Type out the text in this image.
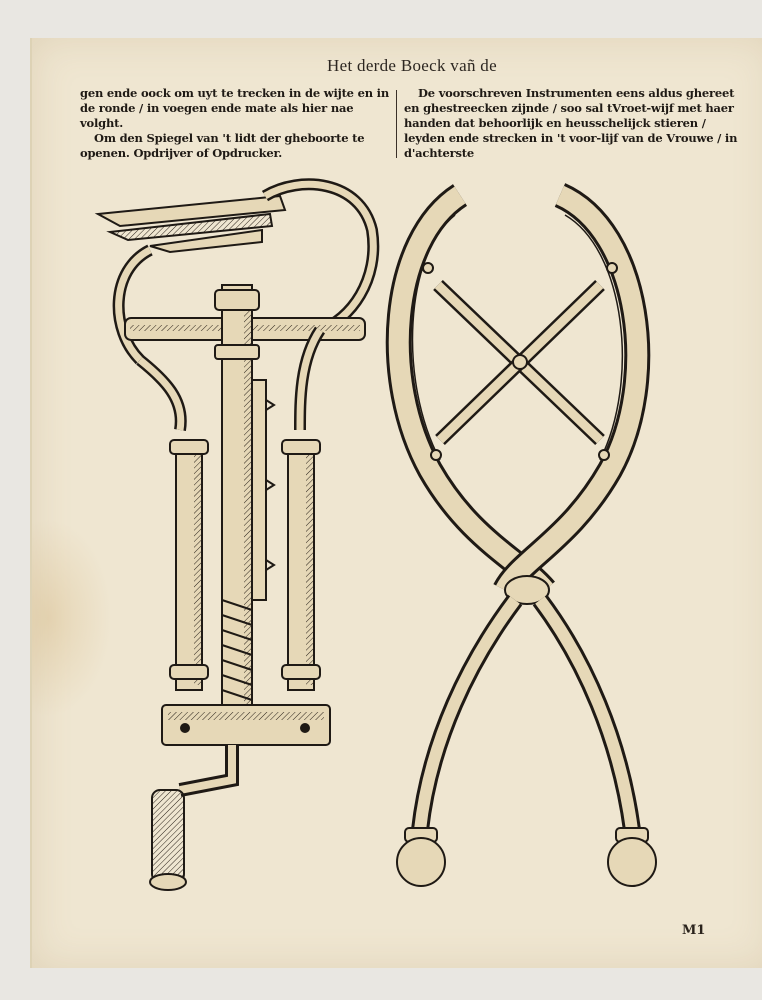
Het derde Boeck vañ de

gen ende oock om uyt te trecken in de wijte en in de ronde / in voegen ende mate als hier nae volght.

Om den Spiegel van 't lidt der gheboorte te openen. Opdrijver of Opdrucker.

De voorschreven Instrumenten eens aldus ghereet en ghestreecken zijnde / soo sal tVroet-wijf met haer handen dat behoorlijk en heusschelijck stieren / leyden ende strecken in 't voor-lijf van de Vrouwe / in d'achterste

M1
